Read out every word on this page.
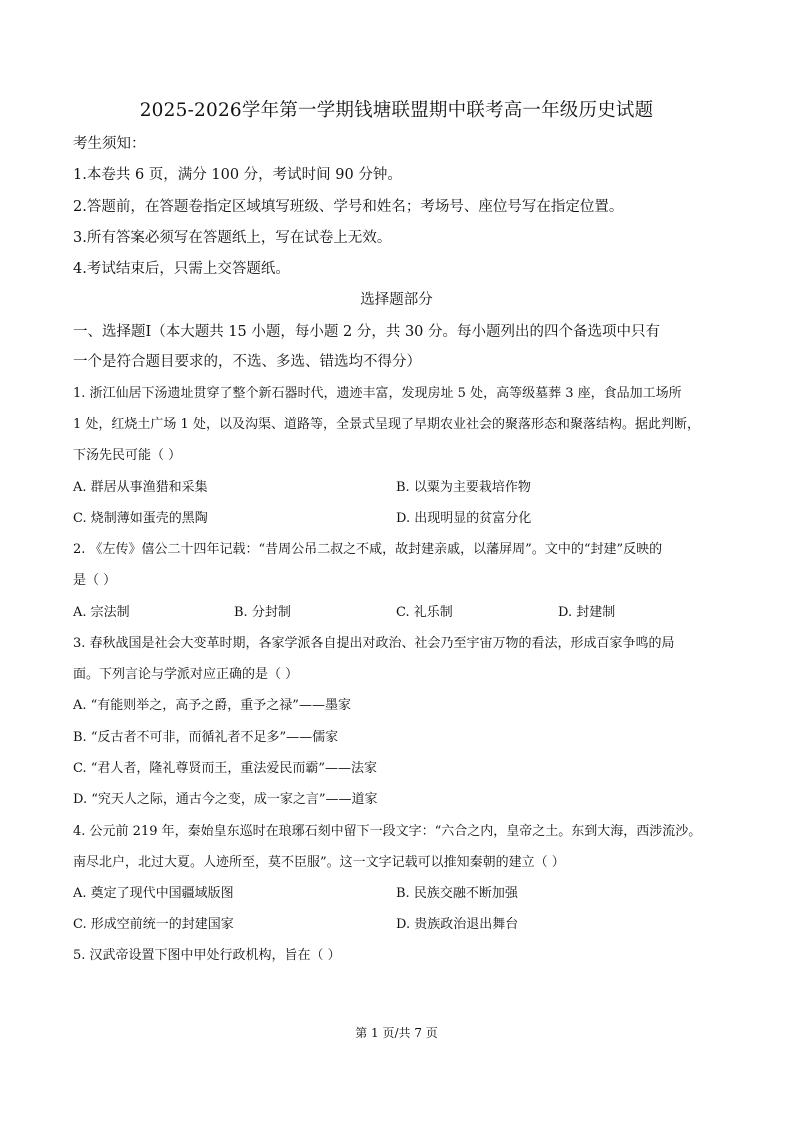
2025-2026学年第一学期钱塘联盟期中联考高一年级历史试题
考生须知：
1.本卷共 6 页，满分 100 分，考试时间 90 分钟。
2.答题前，在答题卷指定区域填写班级、学号和姓名；考场号、座位号写在指定位置。
3.所有答案必须写在答题纸上，写在试卷上无效。
4.考试结束后，只需上交答题纸。
选择题部分
一、选择题Ⅰ（本大题共 15 小题，每小题 2 分，共 30 分。每小题列出的四个备选项中只有
一个是符合题目要求的，不选、多选、错选均不得分）
1. 浙江仙居下汤遗址贯穿了整个新石器时代，遗迹丰富，发现房址 5 处，高等级墓葬 3 座，食品加工场所
1 处，红烧土广场 1 处，以及沟渠、道路等，全景式呈现了早期农业社会的聚落形态和聚落结构。据此判断，
下汤先民可能（ ）
A. 群居从事渔猎和采集	B. 以粟为主要栽培作物
C. 烧制薄如蛋壳的黑陶	D. 出现明显的贫富分化
2. 《左传》僖公二十四年记载：“昔周公吊二叔之不咸，故封建亲戚，以藩屏周”。文中的“封建”反映的
是（ ）
A. 宗法制	B. 分封制	C. 礼乐制	D. 封建制
3. 春秋战国是社会大变革时期，各家学派各自提出对政治、社会乃至宇宙万物的看法，形成百家争鸣的局
面。下列言论与学派对应正确的是（ ）
A. “有能则举之，高予之爵，重予之禄”——墨家
B. “反古者不可非，而循礼者不足多”——儒家
C. “君人者，隆礼尊贤而王，重法爱民而霸”——法家
D. “究天人之际，通古今之变，成一家之言”——道家
4. 公元前 219 年，秦始皇东巡时在琅琊石刻中留下一段文字：“六合之内，皇帝之土。东到大海，西涉流沙。
南尽北户，北过大夏。人迹所至，莫不臣服”。这一文字记载可以推知秦朝的建立（ ）
A. 奠定了现代中国疆域版图	B. 民族交融不断加强
C. 形成空前统一的封建国家	D. 贵族政治退出舞台
5. 汉武帝设置下图中甲处行政机构，旨在（ ）
第 1 页/共 7 页
